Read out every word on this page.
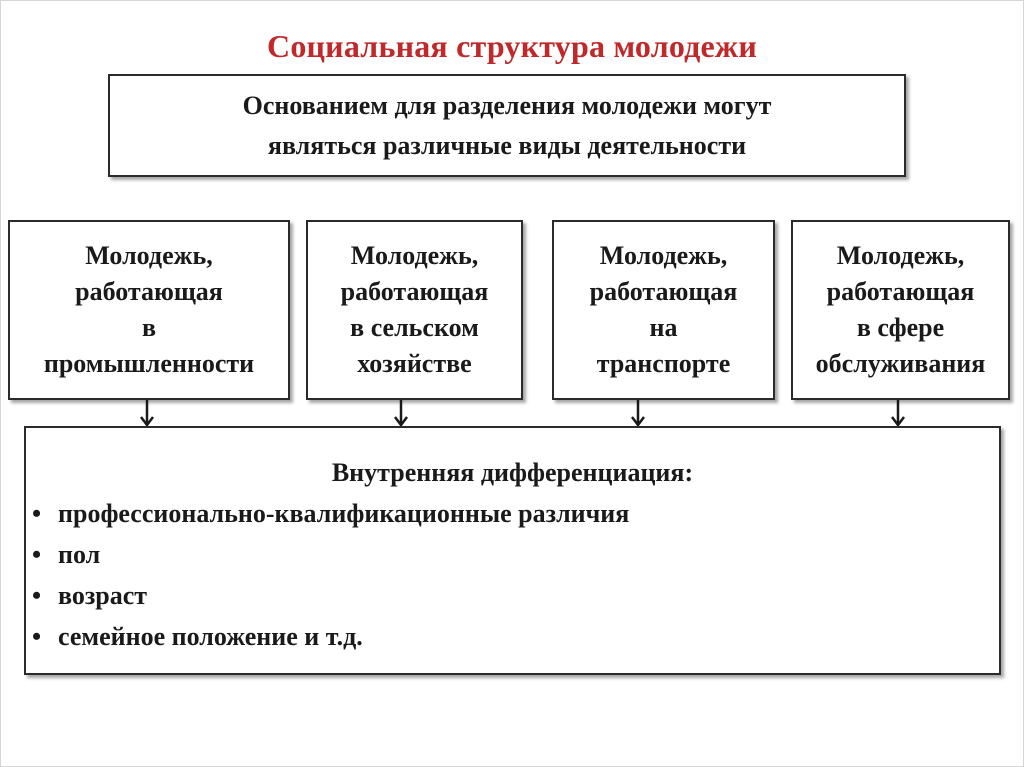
Социальная структура молодежи
Основанием для разделения молодежи могут
являться различные виды деятельности
Молодежь,
работающая
в
промышленности
Молодежь,
работающая
в сельском
хозяйстве
Молодежь,
работающая
на
транспорте
Молодежь,
работающая
в сфере
обслуживания
Внутренняя дифференциация:
• профессионально-квалификационные различия
• пол
• возраст
• семейное положение и т.д.
